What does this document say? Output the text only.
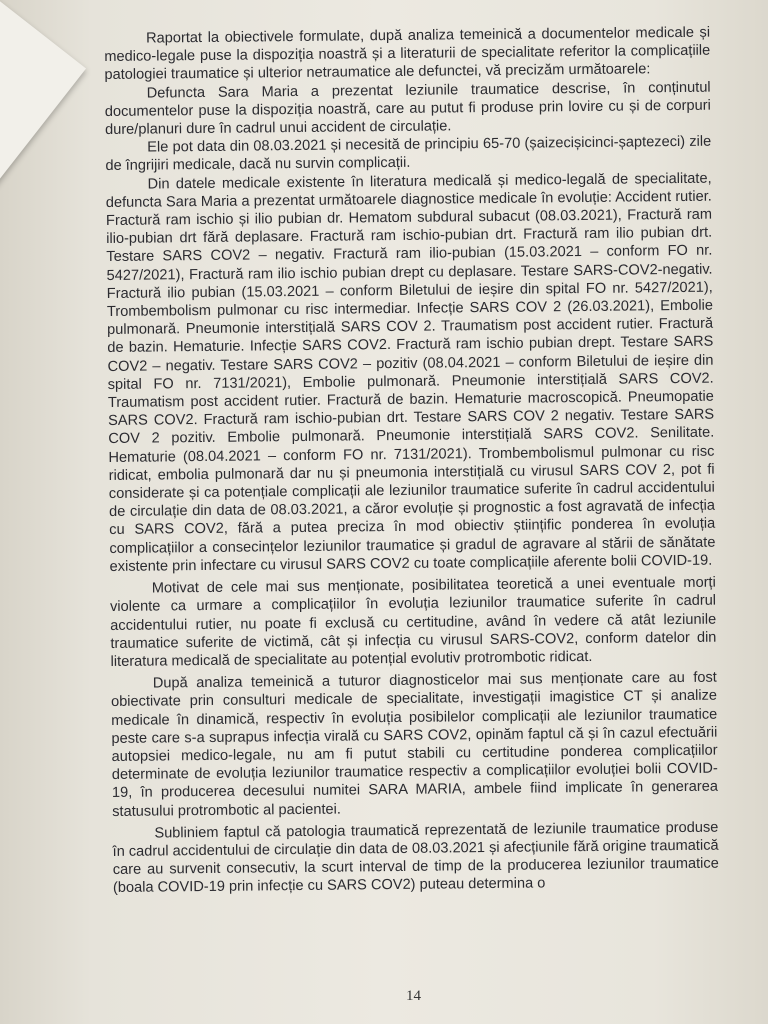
Raportat la obiectivele formulate, după analiza temeinică a documentelor medicale și medico-legale puse la dispoziția noastră și a literaturii de specialitate referitor la complicațiile patologiei traumatice și ulterior netraumatice ale defunctei, vă precizăm următoarele:

Defuncta Sara Maria a prezentat leziunile traumatice descrise, în conținutul documentelor puse la dispoziția noastră, care au putut fi produse prin lovire cu și de corpuri dure/planuri dure în cadrul unui accident de circulație.

Ele pot data din 08.03.2021 și necesită de principiu 65-70 (șaizecișicinci-șaptezeci) zile de îngrijiri medicale, dacă nu survin complicații.

Din datele medicale existente în literatura medicală și medico-legală de specialitate, defuncta Sara Maria a prezentat următoarele diagnostice medicale în evoluție: Accident rutier. Fractură ram ischio și ilio pubian dr. Hematom subdural subacut (08.03.2021), Fractură ram ilio-pubian drt fără deplasare. Fractură ram ischio-pubian drt. Fractură ram ilio pubian drt. Testare SARS COV2 – negativ. Fractură ram ilio-pubian (15.03.2021 – conform FO nr. 5427/2021), Fractură ram ilio ischio pubian drept cu deplasare. Testare SARS-COV2-negativ. Fractură ilio pubian (15.03.2021 – conform Biletului de ieșire din spital FO nr. 5427/2021), Trombembolism pulmonar cu risc intermediar. Infecție SARS COV 2 (26.03.2021), Embolie pulmonară. Pneumonie interstițială SARS COV 2. Traumatism post accident rutier. Fractură de bazin. Hematurie. Infecție SARS COV2. Fractură ram ischio pubian drept. Testare SARS COV2 – negativ. Testare SARS COV2 – pozitiv (08.04.2021 – conform Biletului de ieșire din spital FO nr. 7131/2021), Embolie pulmonară. Pneumonie interstițială SARS COV2. Traumatism post accident rutier. Fractură de bazin. Hematurie macroscopică. Pneumopatie SARS COV2. Fractură ram ischio-pubian drt. Testare SARS COV 2 negativ. Testare SARS COV 2 pozitiv. Embolie pulmonară. Pneumonie interstițială SARS COV2. Senilitate. Hematurie (08.04.2021 – conform FO nr. 7131/2021). Trombembolismul pulmonar cu risc ridicat, embolia pulmonară dar nu și pneumonia interstițială cu virusul SARS COV 2, pot fi considerate și ca potențiale complicații ale leziunilor traumatice suferite în cadrul accidentului de circulație din data de 08.03.2021, a căror evoluție și prognostic a fost agravată de infecția cu SARS COV2, fără a putea preciza în mod obiectiv științific ponderea în evoluția complicațiilor a consecințelor leziunilor traumatice și gradul de agravare al stării de sănătate existente prin infectare cu virusul SARS COV2 cu toate complicațiile aferente bolii COVID-19.

Motivat de cele mai sus menționate, posibilitatea teoretică a unei eventuale morți violente ca urmare a complicațiilor în evoluția leziunilor traumatice suferite în cadrul accidentului rutier, nu poate fi exclusă cu certitudine, având în vedere că atât leziunile traumatice suferite de victimă, cât și infecția cu virusul SARS-COV2, conform datelor din literatura medicală de specialitate au potențial evolutiv protrombotic ridicat.

După analiza temeinică a tuturor diagnosticelor mai sus menționate care au fost obiectivate prin consulturi medicale de specialitate, investigații imagistice CT și analize medicale în dinamică, respectiv în evoluția posibilelor complicații ale leziunilor traumatice peste care s-a suprapus infecția virală cu SARS COV2, opinăm faptul că și în cazul efectuării autopsiei medico-legale, nu am fi putut stabili cu certitudine ponderea complicațiilor determinate de evoluția leziunilor traumatice respectiv a complicațiilor evoluției bolii COVID-19, în producerea decesului numitei SARA MARIA, ambele fiind implicate în generarea statusului protrombotic al pacientei.

Subliniem faptul că patologia traumatică reprezentată de leziunile traumatice produse în cadrul accidentului de circulație din data de 08.03.2021 și afecțiunile fără origine traumatică care au survenit consecutiv, la scurt interval de timp de la producerea leziunilor traumatice (boala COVID-19 prin infecție cu SARS COV2) puteau determina o

14
